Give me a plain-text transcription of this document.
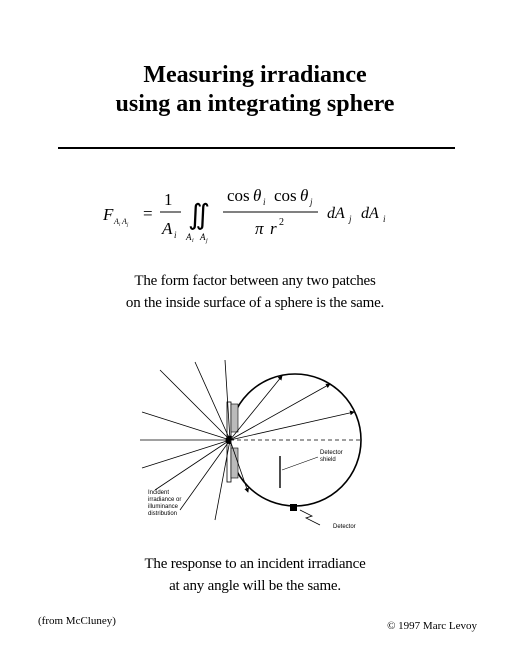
Measuring irradiance
using an integrating sphere
F A i A j
=
1
A i
∬
A i A j
cos θ i cos θ j
π r 2
dA j dA i
The form factor between any two patches
on the inside surface of a sphere is the same.
Detector
shield
Detector
Incident
irradiance or
illuminance
distribution
The response to an incident irradiance
at any angle will be the same.
(from McCluney)	© 1997 Marc Levoy
